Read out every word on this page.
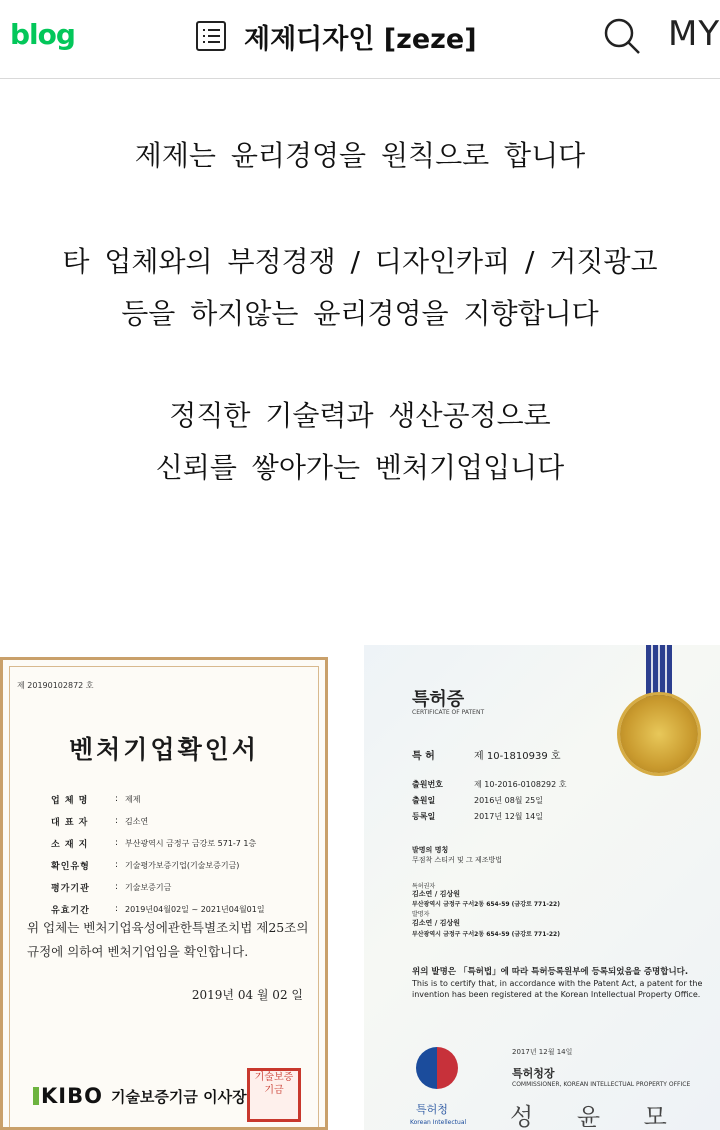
blog	제제디자인 [zeze]	MY
제제는 윤리경영을 원칙으로 합니다
타 업체와의 부정경쟁 / 디자인카피 / 거짓광고
등을 하지않는 윤리경영을 지향합니다
정직한 기술력과 생산공정으로
신뢰를 쌓아가는 벤처기업입니다
제 20190102872 호
벤처기업확인서
업 체 명	: 제제
대 표 자	: 김소연
소 재 지	: 부산광역시 금정구 금강로 571-7 1층
확인유형	: 기술평가보증기업(기술보증기금)
평가기관	: 기술보증기금
유효기간	: 2019년04월02일 ~ 2021년04월01일
위 업체는 벤처기업육성에관한특별조치법 제25조의 규정에 의하여 벤처기업임을 확인합니다.
2019년 04 월 02 일
KIBO 기술보증기금 이사장
기술보증기금
특허증
CERTIFICATE OF PATENT
특 허	제 10-1810939 호
출원번호	제 10-2016-0108292 호
출원일	2016년 08월 25일
등록일	2017년 12월 14일
발명의 명칭
무점착 스티커 및 그 제조방법
특허권자
김소연 / 김상원
부산광역시 금정구 구서2동 654-59 (금강로 771-22)
발명자
김소연 / 김상원
부산광역시 금정구 구서2동 654-59 (금강로 771-22)
위의 발명은 「특허법」에 따라 특허등록원부에 등록되었음을 증명합니다.
This is to certify that, in accordance with the Patent Act, a patent for the invention has been registered at the Korean Intellectual Property Office.
특허청
Korean Intellectual
2017년 12월 14일
특허청장
COMMISSIONER, KOREAN INTELLECTUAL PROPERTY OFFICE
성 윤 모
